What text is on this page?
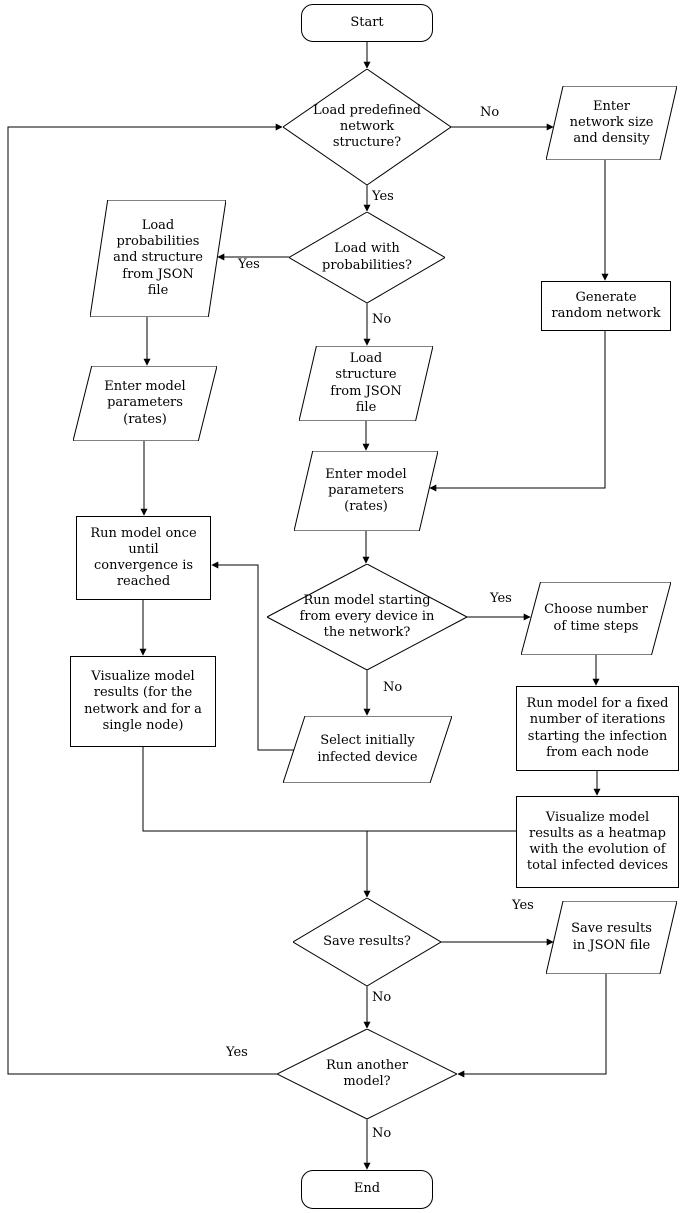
Start
Load predefined network structure?
Enter network size and density
Load with probabilities?
Load probabilities and structure from JSON file	Generate random network
Enter model parameters (rates)
Load structure from JSON file
Enter model parameters (rates)
Run model once until convergence is reached
Run model starting from every device in the network?
Choose number of time steps
Run model for a fixed number of iterations starting the infection from each node
Visualize model results (for the network and for a single node)
Select initially infected device
Visualize model results as a heatmap with the evolution of total infected devices
Save results?
Save results in JSON file
Run another model?
End
No
Yes
Yes
No
Yes
No
Yes
No
Yes
No
